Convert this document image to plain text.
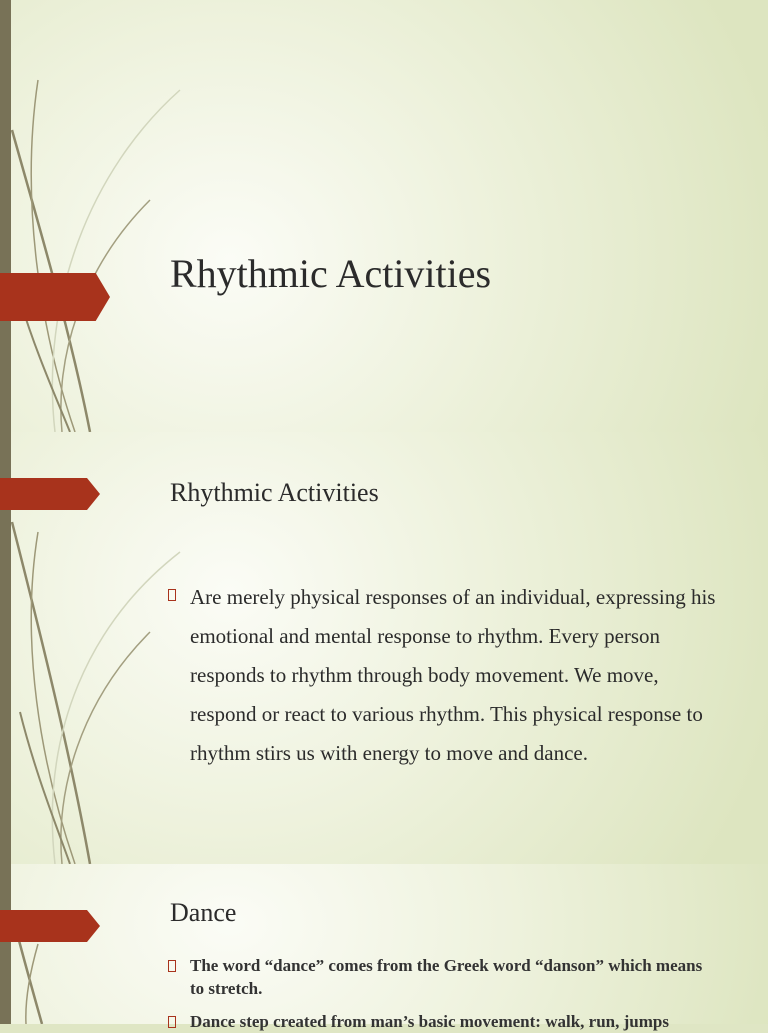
Rhythmic Activities
Rhythmic Activities

Are merely physical responses of an individual, expressing his emotional and mental response to rhythm. Every person responds to rhythm through body movement. We move, respond or react to various rhythm. This physical response to rhythm stirs us with energy to move and dance.

Dance

The word “dance” comes from the Greek word “danson” which means to stretch.

Dance step created from man’s basic movement: walk, run, jumps
